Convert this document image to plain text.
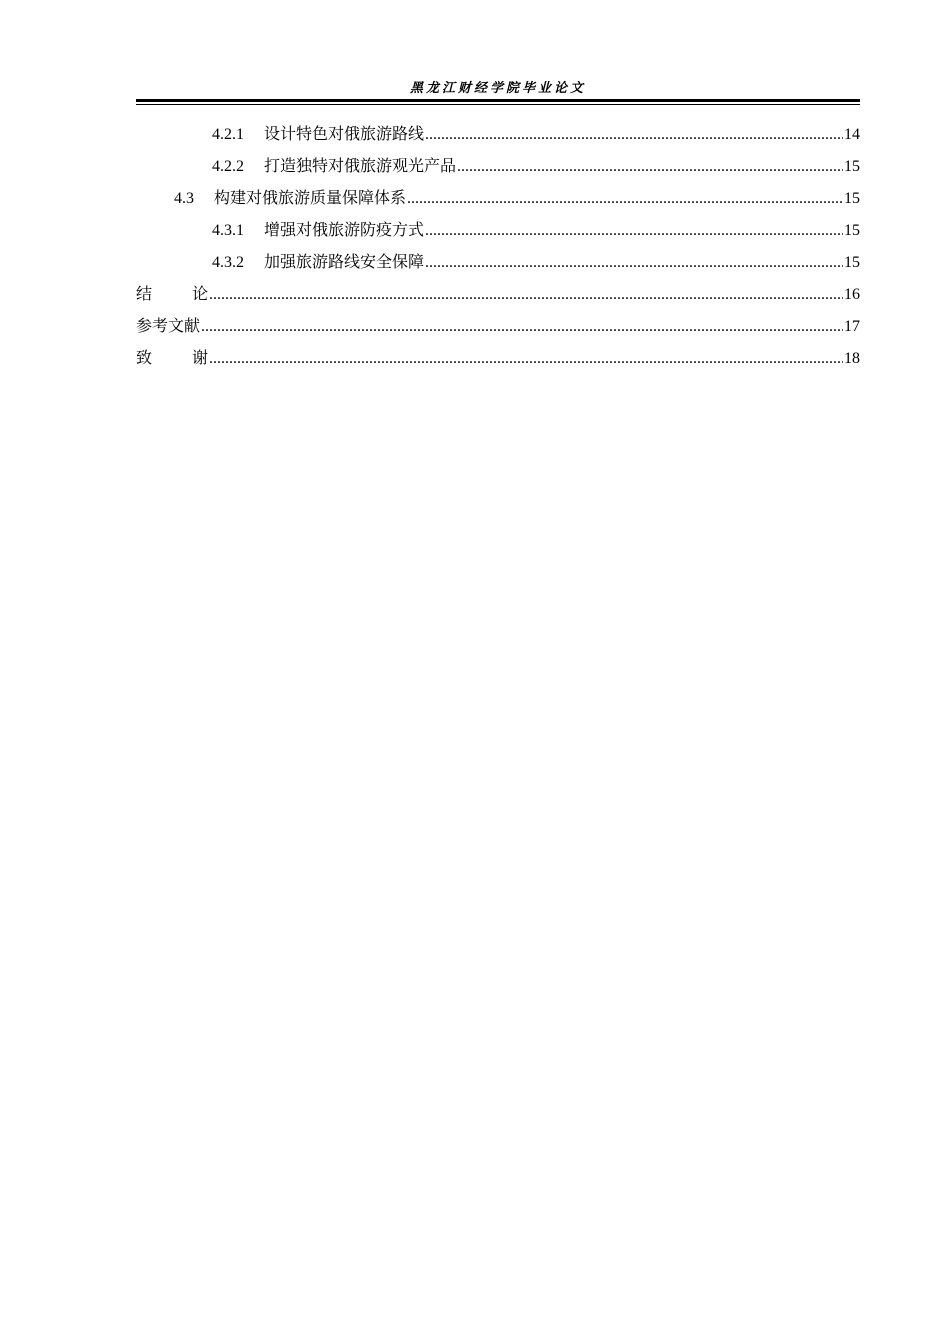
黑龙江财经学院毕业论文
4.2.1 设计特色对俄旅游路线 .....	14
4.2.2 打造独特对俄旅游观光产品 .....	15
4.3 构建对俄旅游质量保障体系 .....	15
4.3.1 增强对俄旅游防疫方式 .....	15
4.3.2 加强旅游路线安全保障 .....	15
结	论 .....	16
参考文献 .....	17
致	谢 .....	18
